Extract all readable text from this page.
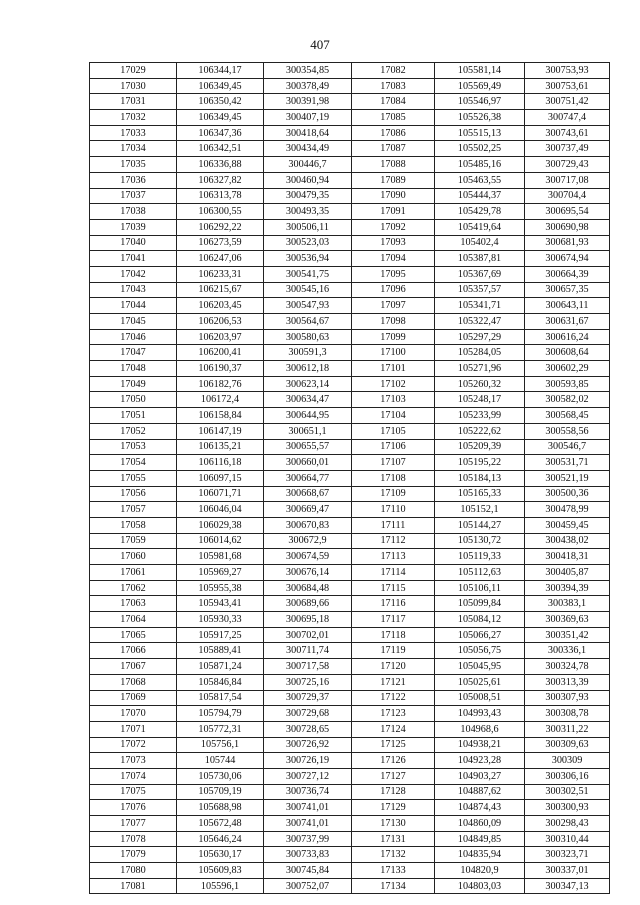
407
17029	106344,17	300354,85	17082	105581,14	300753,93
17030	106349,45	300378,49	17083	105569,49	300753,61
17031	106350,42	300391,98	17084	105546,97	300751,42
17032	106349,45	300407,19	17085	105526,38	300747,4
17033	106347,36	300418,64	17086	105515,13	300743,61
17034	106342,51	300434,49	17087	105502,25	300737,49
17035	106336,88	300446,7	17088	105485,16	300729,43
17036	106327,82	300460,94	17089	105463,55	300717,08
17037	106313,78	300479,35	17090	105444,37	300704,4
17038	106300,55	300493,35	17091	105429,78	300695,54
17039	106292,22	300506,11	17092	105419,64	300690,98
17040	106273,59	300523,03	17093	105402,4	300681,93
17041	106247,06	300536,94	17094	105387,81	300674,94
17042	106233,31	300541,75	17095	105367,69	300664,39
17043	106215,67	300545,16	17096	105357,57	300657,35
17044	106203,45	300547,93	17097	105341,71	300643,11
17045	106206,53	300564,67	17098	105322,47	300631,67
17046	106203,97	300580,63	17099	105297,29	300616,24
17047	106200,41	300591,3	17100	105284,05	300608,64
17048	106190,37	300612,18	17101	105271,96	300602,29
17049	106182,76	300623,14	17102	105260,32	300593,85
17050	106172,4	300634,47	17103	105248,17	300582,02
17051	106158,84	300644,95	17104	105233,99	300568,45
17052	106147,19	300651,1	17105	105222,62	300558,56
17053	106135,21	300655,57	17106	105209,39	300546,7
17054	106116,18	300660,01	17107	105195,22	300531,71
17055	106097,15	300664,77	17108	105184,13	300521,19
17056	106071,71	300668,67	17109	105165,33	300500,36
17057	106046,04	300669,47	17110	105152,1	300478,99
17058	106029,38	300670,83	17111	105144,27	300459,45
17059	106014,62	300672,9	17112	105130,72	300438,02
17060	105981,68	300674,59	17113	105119,33	300418,31
17061	105969,27	300676,14	17114	105112,63	300405,87
17062	105955,38	300684,48	17115	105106,11	300394,39
17063	105943,41	300689,66	17116	105099,84	300383,1
17064	105930,33	300695,18	17117	105084,12	300369,63
17065	105917,25	300702,01	17118	105066,27	300351,42
17066	105889,41	300711,74	17119	105056,75	300336,1
17067	105871,24	300717,58	17120	105045,95	300324,78
17068	105846,84	300725,16	17121	105025,61	300313,39
17069	105817,54	300729,37	17122	105008,51	300307,93
17070	105794,79	300729,68	17123	104993,43	300308,78
17071	105772,31	300728,65	17124	104968,6	300311,22
17072	105756,1	300726,92	17125	104938,21	300309,63
17073	105744	300726,19	17126	104923,28	300309
17074	105730,06	300727,12	17127	104903,27	300306,16
17075	105709,19	300736,74	17128	104887,62	300302,51
17076	105688,98	300741,01	17129	104874,43	300300,93
17077	105672,48	300741,01	17130	104860,09	300298,43
17078	105646,24	300737,99	17131	104849,85	300310,44
17079	105630,17	300733,83	17132	104835,94	300323,71
17080	105609,83	300745,84	17133	104820,9	300337,01
17081	105596,1	300752,07	17134	104803,03	300347,13
